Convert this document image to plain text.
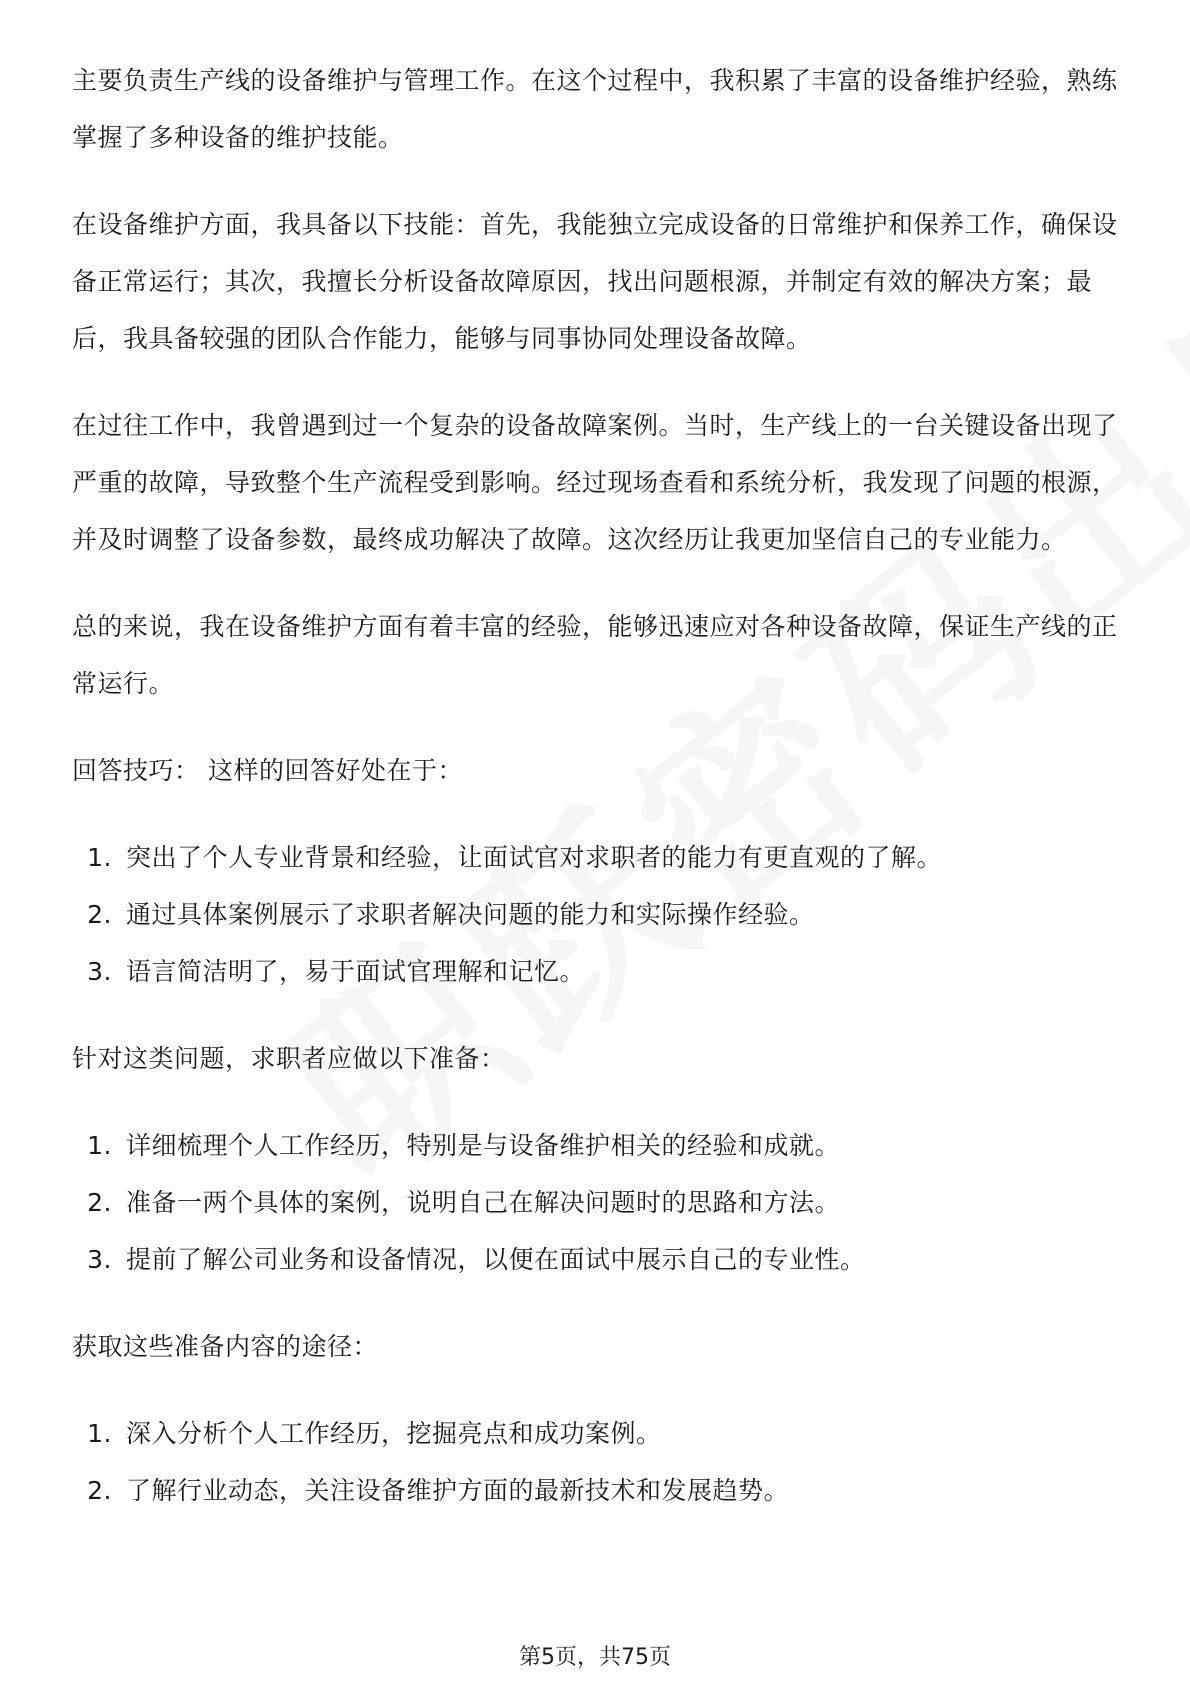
主要负责生产线的设备维护与管理工作。在这个过程中，我积累了丰富的设备维护经验，熟练掌握了多种设备的维护技能。

在设备维护方面，我具备以下技能：首先，我能独立完成设备的日常维护和保养工作，确保设备正常运行；其次，我擅长分析设备故障原因，找出问题根源，并制定有效的解决方案；最后，我具备较强的团队合作能力，能够与同事协同处理设备故障。

在过往工作中，我曾遇到过一个复杂的设备故障案例。当时，生产线上的一台关键设备出现了严重的故障，导致整个生产流程受到影响。经过现场查看和系统分析，我发现了问题的根源，并及时调整了设备参数，最终成功解决了故障。这次经历让我更加坚信自己的专业能力。

总的来说，我在设备维护方面有着丰富的经验，能够迅速应对各种设备故障，保证生产线的正常运行。

回答技巧： 这样的回答好处在于：

1. 突出了个人专业背景和经验，让面试官对求职者的能力有更直观的了解。
2. 通过具体案例展示了求职者解决问题的能力和实际操作经验。
3. 语言简洁明了，易于面试官理解和记忆。

针对这类问题，求职者应做以下准备：

1. 详细梳理个人工作经历，特别是与设备维护相关的经验和成就。
2. 准备一两个具体的案例，说明自己在解决问题时的思路和方法。
3. 提前了解公司业务和设备情况，以便在面试中展示自己的专业性。

获取这些准备内容的途径：

1. 深入分析个人工作经历，挖掘亮点和成功案例。
2. 了解行业动态，关注设备维护方面的最新技术和发展趋势。
第5页，共75页
